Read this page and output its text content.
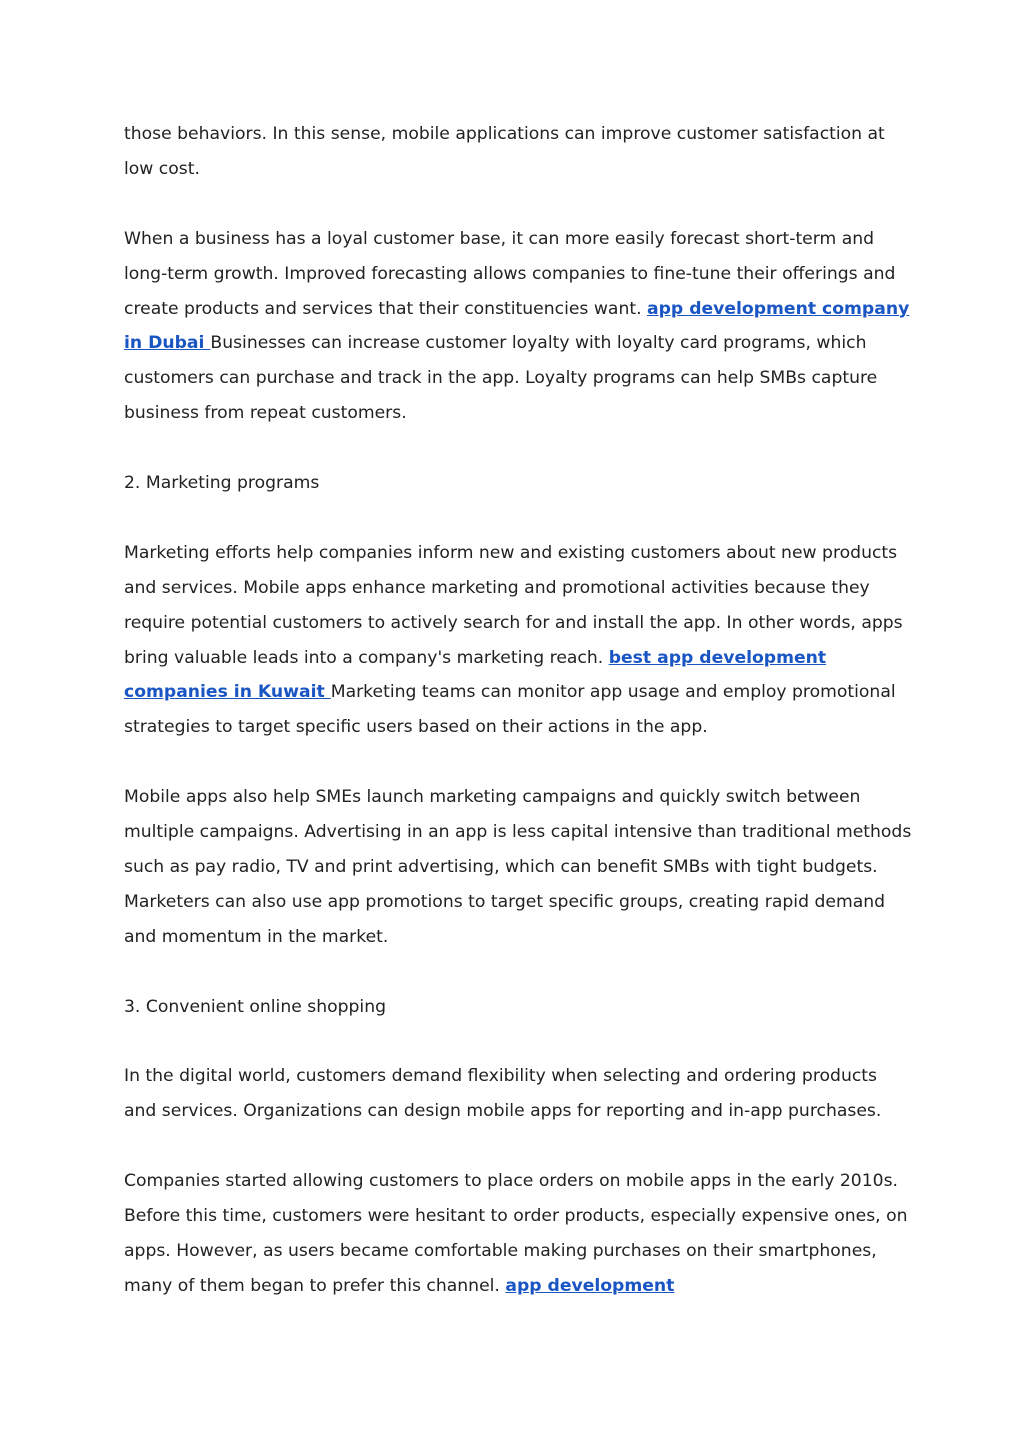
those behaviors. In this sense, mobile applications can improve customer satisfaction at low cost.

When a business has a loyal customer base, it can more easily forecast short-term and long-term growth. Improved forecasting allows companies to fine-tune their offerings and create products and services that their constituencies want. app development company in Dubai Businesses can increase customer loyalty with loyalty card programs, which customers can purchase and track in the app. Loyalty programs can help SMBs capture business from repeat customers.

2. Marketing programs

Marketing efforts help companies inform new and existing customers about new products and services. Mobile apps enhance marketing and promotional activities because they require potential customers to actively search for and install the app. In other words, apps bring valuable leads into a company's marketing reach. best app development companies in Kuwait Marketing teams can monitor app usage and employ promotional strategies to target specific users based on their actions in the app.

Mobile apps also help SMEs launch marketing campaigns and quickly switch between multiple campaigns. Advertising in an app is less capital intensive than traditional methods such as pay radio, TV and print advertising, which can benefit SMBs with tight budgets. Marketers can also use app promotions to target specific groups, creating rapid demand and momentum in the market.

3. Convenient online shopping

In the digital world, customers demand flexibility when selecting and ordering products and services. Organizations can design mobile apps for reporting and in-app purchases.

Companies started allowing customers to place orders on mobile apps in the early 2010s. Before this time, customers were hesitant to order products, especially expensive ones, on apps. However, as users became comfortable making purchases on their smartphones, many of them began to prefer this channel. app development
